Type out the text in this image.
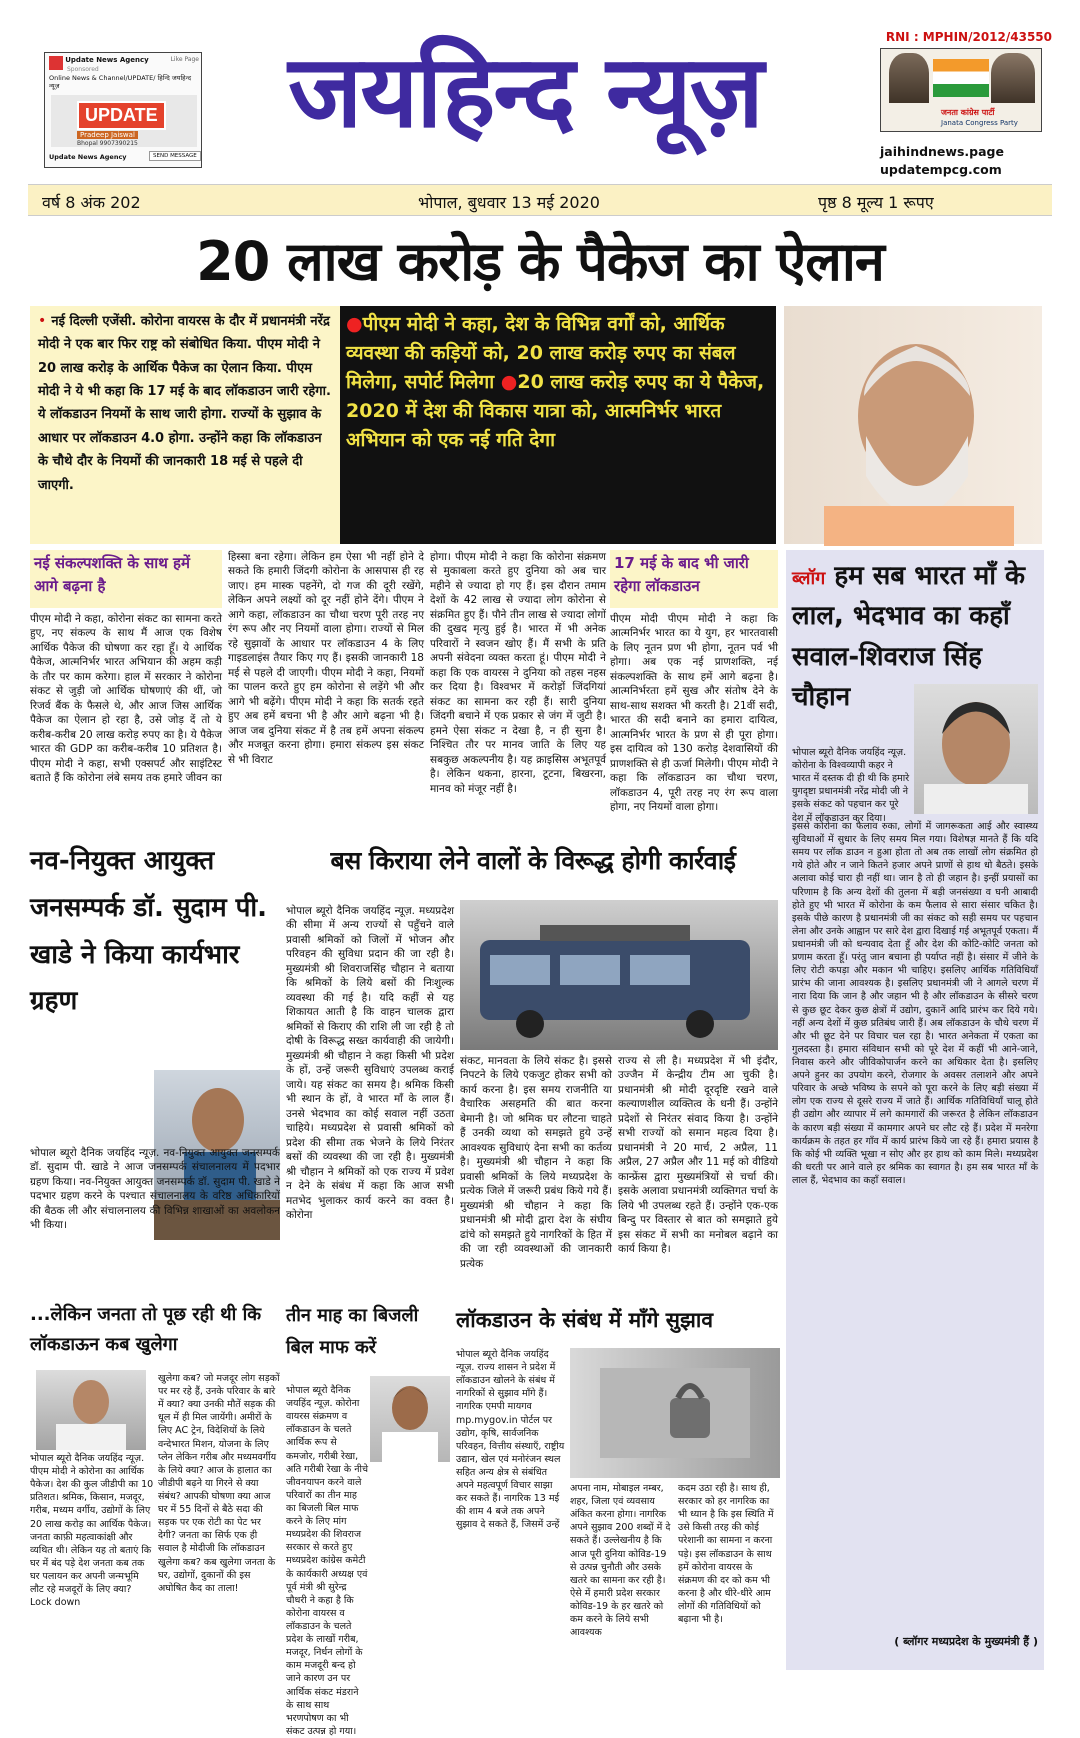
Update News Agency	Like Page
Sponsored
Online News & Channel/UPDATE/ हिन्दि जयहिन्द न्यूज़
UPDATE
Pradeep Jaiswal
Bhopal 9907390215
Update News Agency	SEND MESSAGE
जयहिन्द न्यूज़	RNI : MPHIN/2012/43550
जनता कांग्रेस पार्टी
Janata Congress Party
jaihindnews.page
updatempcg.com
वर्ष 8 अंक 202	भोपाल, बुधवार 13 मई 2020	पृष्ठ 8 मूल्य 1 रूपए
20 लाख करोड़ के पैकेज का ऐलान
• नई दिल्ली एजेंसी. कोरोना वायरस के दौर में प्रधानमंत्री नरेंद्र मोदी ने एक बार फिर राष्ट्र को संबोधित किया. पीएम मोदी ने 20 लाख करोड़ के आर्थिक पैकेज का ऐलान किया. पीएम मोदी ने ये भी कहा कि 17 मई के बाद लॉकडाउन जारी रहेगा. ये लॉकडाउन नियमों के साथ जारी होगा. राज्यों के सुझाव के आधार पर लॉकडाउन 4.0 होगा. उन्होंने कहा कि लॉकडाउन के चौथे दौर के नियमों की जानकारी 18 मई से पहले दी जाएगी.
●पीएम मोदी ने कहा, देश के विभिन्न वर्गों को, आर्थिक व्यवस्था की कड़ियों को, 20 लाख करोड़ रुपए का संबल मिलेगा, सपोर्ट मिलेगा ●20 लाख करोड़ रुपए का ये पैकेज, 2020 में देश की विकास यात्रा को, आत्मनिर्भर भारत अभियान को एक नई गति देगा
नई संकल्पशक्ति के साथ हमें आगे बढ़ना है
पीएम मोदी ने कहा, कोरोना संकट का सामना करते हुए, नए संकल्प के साथ मैं आज एक विशेष आर्थिक पैकेज की घोषणा कर रहा हूँ। ये आर्थिक पैकेज, आत्मनिर्भर भारत अभियान की अहम कड़ी के तौर पर काम करेगा। हाल में सरकार ने कोरोना संकट से जुड़ी जो आर्थिक घोषणाएं की थीं, जो रिजर्व बैंक के फैसले थे, और आज जिस आर्थिक पैकेज का ऐलान हो रहा है, उसे जोड़ दें तो ये करीब-करीब 20 लाख करोड़ रुपए का है। ये पैकेज भारत की GDP का करीब-करीब 10 प्रतिशत है। पीएम मोदी ने कहा, सभी एक्सपर्ट और साइंटिस्ट बताते हैं कि कोरोना लंबे समय तक हमारे जीवन का
हिस्सा बना रहेगा। लेकिन हम ऐसा भी नहीं होने दे सकते कि हमारी जिंदगी कोरोना के आसपास ही रह जाए। हम मास्क पहनेंगे, दो गज की दूरी रखेंगे, लेकिन अपने लक्ष्यों को दूर नहीं होने देंगे। पीएम ने आगे कहा, लॉकडाउन का चौथा चरण पूरी तरह नए रंग रूप और नए नियमों वाला होगा। राज्यों से मिल रहे सुझावों के आधार पर लॉकडाउन 4 के लिए गाइडलाइंस तैयार किए गए हैं। इसकी जानकारी 18 मई से पहले दी जाएगी। पीएम मोदी ने कहा, नियमों का पालन करते हुए हम कोरोना से लड़ेंगे भी और आगे भी बढ़ेंगे। पीएम मोदी ने कहा कि सतर्क रहते हुए अब हमें बचना भी है और आगे बढ़ना भी है। आज जब दुनिया संकट में है तब हमें अपना संकल्प और मजबूत करना होगा। हमारा संकल्प इस संकट से भी विराट
होगा। पीएम मोदी ने कहा कि कोरोना संक्रमण से मुकाबला करते हुए दुनिया को अब चार महीने से ज्यादा हो गए हैं। इस दौरान तमाम देशों के 42 लाख से ज्यादा लोग कोरोना से संक्रमित हुए हैं। पौने तीन लाख से ज्यादा लोगों की दुखद मृत्यु हुई है। भारत में भी अनेक परिवारों ने स्वजन खोए हैं। मैं सभी के प्रति अपनी संवेदना व्यक्त करता हूं। पीएम मोदी ने कहा कि एक वायरस ने दुनिया को तहस नहस कर दिया है। विश्वभर में करोड़ों जिंदगियां संकट का सामना कर रही हैं। सारी दुनिया जिंदगी बचाने में एक प्रकार से जंग में जुटी है। हमने ऐसा संकट न देखा है, न ही सुना है। निश्चित तौर पर मानव जाति के लिए यह सबकुछ अकल्पनीय है। यह क्राइसिस अभूतपूर्व है। लेकिन थकना, हारना, टूटना, बिखरना, मानव को मंजूर नहीं है।
17 मई के बाद भी जारी रहेगा लॉकडाउन
पीएम मोदी पीएम मोदी ने कहा कि आत्मनिर्भर भारत का ये युग, हर भारतवासी के लिए नूतन प्रण भी होगा, नूतन पर्व भी होगा। अब एक नई प्राणशक्ति, नई संकल्पशक्ति के साथ हमें आगे बढ़ना है। आत्मनिर्भरता हमें सुख और संतोष देने के साथ-साथ सशक्त भी करती है। 21वीं सदी, भारत की सदी बनाने का हमारा दायित्व, आत्मनिर्भर भारत के प्रण से ही पूरा होगा। इस दायित्व को 130 करोड़ देशवासियों की प्राणशक्ति से ही ऊर्जा मिलेगी। पीएम मोदी ने कहा कि लॉकडाउन का चौथा चरण, लॉकडाउन 4, पूरी तरह नए रंग रूप वाला होगा, नए नियमों वाला होगा।
ब्लॉग हम सब भारत माँ के लाल, भेदभाव का कहाँ सवाल-शिवराज सिंह चौहान
भोपाल ब्यूरो दैनिक जयहिंद न्यूज़. कोरोना के विश्वव्यापी कहर ने भारत में दस्तक दी ही थी कि हमारे युगदृष्टा प्रधानमंत्री नरेंद्र मोदी जी ने इसके संकट को पहचान कर पूरे देश में लॉकडाउन कर दिया।
इससे कोरोना का फैलाव रुका, लोगों में जागरूकता आई और स्वास्थ्य सुविधाओं में सुधार के लिए समय मिल गया। विशेषज्ञ मानते हैं कि यदि समय पर लॉक डाउन न हुआ होता तो अब तक लाखों लोग संक्रमित हो गये होते और न जाने कितने हजार अपने प्राणों से हाथ धो बैठते। इसके अलावा कोई चारा ही नहीं था। जान है तो ही जहान है। इन्हीं प्रयासों का परिणाम है कि अन्य देशों की तुलना में बड़ी जनसंख्या व घनी आबादी होते हुए भी भारत में कोरोना के कम फैलाव से सारा संसार चकित है। इसके पीछे कारण है प्रधानमंत्री जी का संकट को सही समय पर पहचान लेना और उनके आह्वान पर सारे देश द्वारा दिखाई गई अभूतपूर्व एकता। मैं प्रधानमंत्री जी को धन्यवाद देता हूँ और देश की कोटि-कोटि जनता को प्रणाम करता हूँ। परंतु जान बचाना ही पर्याप्त नहीं है। संसार में जीने के लिए रोटी कपड़ा और मकान भी चाहिए। इसलिए आर्थिक गतिविधियाँ प्रारंभ की जाना आवश्यक है। इसलिए प्रधानमंत्री जी ने आगले चरण में नारा दिया कि जान है और जहान भी है और लॉकडाउन के सीसरे चरण से कुछ छूट देकर कुछ क्षेत्रों में उद्योग, दुकानें आदि प्रारंभ कर दिये गये। नहीं अन्य देशों में कुछ प्रतिबंध जारी हैं। अब लॉकडाउन के चौथे चरण में और भी छूट देने पर विचार चल रहा है। भारत अनेकता में एकता का गुलदस्ता है। हमारा संविधान सभी को पूरे देश में कहीं भी आने-जाने, निवास करने और जीविकोपार्जन करने का अधिकार देता है। इसलिए अपने हुनर का उपयोग करने, रोजगार के अवसर तलाशने और अपने परिवार के अच्छे भविष्य के सपने को पूरा करने के लिए बड़ी संख्या में लोग एक राज्य से दूसरे राज्य में जाते हैं। आर्थिक गतिविधियाँ चालू होते ही उद्योग और व्यापार में लगे कामगारों की जरूरत है लेकिन लॉकडाउन के कारण बड़ी संख्या में कामगार अपने घर लौट रहे हैं। प्रदेश में मनरेगा कार्यक्रम के तहत हर गाँव में कार्य प्रारंभ किये जा रहे हैं। हमारा प्रयास है कि कोई भी व्यक्ति भूखा न सोए और हर हाथ को काम मिले। मध्यप्रदेश की धरती पर आने वाले हर श्रमिक का स्वागत है। हम सब भारत माँ के लाल हैं, भेदभाव का कहाँ सवाल।
( ब्लॉगर मध्यप्रदेश के मुख्यमंत्री हैं )
नव-नियुक्त आयुक्त जनसम्पर्क डॉ. सुदाम पी. खाडे ने किया कार्यभार ग्रहण
भोपाल ब्यूरो दैनिक जयहिंद न्यूज़. नव-नियुक्त आयुक्त जनसम्पर्क डॉ. सुदाम पी. खाडे ने आज जनसम्पर्क संचालनालय में पदभार ग्रहण किया। नव-नियुक्त आयुक्त जनसम्पर्क डॉ. सुदाम पी. खाडे ने पदभार ग्रहण करने के पश्चात संचालनालय के वरिष्ठ अधिकारियों की बैठक ली और संचालनालय की विभिन्न शाखाओं का अवलोकन भी किया।
बस किराया लेने वालों के विरूद्ध होगी कार्रवाई
भोपाल ब्यूरो दैनिक जयहिंद न्यूज़. मध्यप्रदेश की सीमा में अन्य राज्यों से पहुँचने वाले प्रवासी श्रमिकों को जिलों में भोजन और परिवहन की सुविधा प्रदान की जा रही है। मुख्यमंत्री श्री शिवराजसिंह चौहान ने बताया कि श्रमिकों के लिये बसों की निःशुल्क व्यवस्था की गई है। यदि कहीं से यह शिकायत आती है कि वाहन चालक द्वारा श्रमिकों से किराए की राशि ली जा रही है तो दोषी के विरूद्ध सख्त कार्यवाही की जायेगी। मुख्यमंत्री श्री चौहान ने कहा किसी भी प्रदेश के हों, उन्हें जरूरी सुविधाएं उपलब्ध कराई जाये। यह संकट का समय है। श्रमिक किसी भी स्थान के हों, वे भारत माँ के लाल हैं। उनसे भेदभाव का कोई सवाल नहीं उठता चाहिये। मध्यप्रदेश से प्रवासी श्रमिकों को प्रदेश की सीमा तक भेजने के लिये निरंतर बसों की व्यवस्था की जा रही है। मुख्यमंत्री श्री चौहान ने श्रमिकों को एक राज्य में प्रवेश न देने के संबंध में कहा कि आज सभी मतभेद भुलाकर कार्य करने का वक्त है। कोरोना
संकट, मानवता के लिये संकट है। इससे निपटने के लिये एकजुट होकर सभी को कार्य करना है। इस समय राजनीति या वैचारिक असहमति की बात करना बेमानी है। जो श्रमिक घर लौटना चाहते हैं उनकी व्यथा को समझते हुये उन्हें आवश्यक सुविधाएं देना सभी का कर्तव्य है। मुख्यमंत्री श्री चौहान ने कहा कि प्रवासी श्रमिकों के लिये मध्यप्रदेश के प्रत्येक जिले में जरूरी प्रबंध किये गये हैं। मुख्यमंत्री श्री चौहान ने कहा कि प्रधानमंत्री श्री मोदी द्वारा देश के संघीय ढांचे को समझते हुये नागरिकों के हित में की जा रही व्यवस्थाओं की जानकारी प्रत्येक
राज्य से ली है। मध्यप्रदेश में भी इंदौर, उज्जैन में केन्द्रीय टीम आ चुकी है। प्रधानमंत्री श्री मोदी दूरदृष्टि रखने वाले कल्याणशील व्यक्तित्व के धनी हैं। उन्होंने प्रदेशों से निरंतर संवाद किया है। उन्होंने सभी राज्यों को समान महत्व दिया है। प्रधानमंत्री ने 20 मार्च, 2 अप्रैल, 11 अप्रैल, 27 अप्रैल और 11 मई को वीडियो कान्फ्रेंस द्वारा मुख्यमंत्रियों से चर्चा की। इसके अलावा प्रधानमंत्री व्यक्तिगत चर्चा के लिये भी उपलब्ध रहते हैं। उन्होंने एक-एक बिन्दु पर विस्तार से बात को समझाते हुये इस संकट में सभी का मनोबल बढ़ाने का कार्य किया है।
...लेकिन जनता तो पूछ रही थी कि लॉकडाऊन कब खुलेगा
भोपाल ब्यूरो दैनिक जयहिंद न्यूज़. पीएम मोदी ने कोरोना का आर्थिक पैकेज। देश की कुल जीडीपी का 10 प्रतिशत। श्रमिक, किसान, मजदूर, गरीब, मध्यम वर्गीय, उद्योगों के लिए 20 लाख करोड़ का आर्थिक पैकेज। जनता काफ़ी महत्वाकांक्षी और व्यथित थी। लेकिन यह तो बताएं कि घर में बंद पड़े देश जनता कब तक घर पलायन कर अपनी जन्मभूमि लौट रहे मजदूरों के लिए क्या? Lock down
खुलेगा कब? जो मजदूर लोग सड़कों पर मर रहे हैं, उनके परिवार के बारे में क्या? क्या उनकी मौतें सड़क की धूल में ही मिल जायेंगी। अमीरों के लिए AC ट्रेन, विदेशियों के लिये वन्देभारत मिशन, योजना के लिए प्लेन लेकिन गरीब और मध्यमवर्गीय के लिये क्या? आज के हालात का जीडीपी बढ़ने या गिरने से क्या संबंध? आपकी घोषणा क्या आज घर में 55 दिनों से बैठे सदा की सड़क पर एक रोटी का पेट भर देगी? जनता का सिर्फ एक ही सवाल है मोदीजी कि लॉकडाउन खुलेगा कब? कब खुलेगा जनता के घर, उद्योगों, दुकानों की इस अघोषित कैद का ताला!
तीन माह का बिजली बिल माफ करें
भोपाल ब्यूरो दैनिक जयहिंद न्यूज़. कोरोना वायरस संक्रमण व लॉकडाउन के चलते आर्थिक रूप से कमजोर, गरीबी रेखा, अति गरीबी रेखा के नीचे जीवनयापन करने वाले परिवारों का तीन माह का बिजली बिल माफ करने के लिए मांग मध्यप्रदेश की शिवराज सरकार से करते हुए मध्यप्रदेश कांग्रेस कमेटी के कार्यकारी अध्यक्ष एवं पूर्व मंत्री श्री सुरेन्द्र चौधरी ने कहा है कि कोरोना वायरस व लॉकडाउन के चलते प्रदेश के लाखों गरीब, मजदूर, निर्धन लोगों के काम मजदूरी बन्द हो जाने कारण उन पर आर्थिक संकट मंडराने के साथ साथ भरणपोषण का भी संकट उत्पन्न हो गया।
लॉकडाउन के संबंध में माँगे सुझाव
भोपाल ब्यूरो दैनिक जयहिंद न्यूज़. राज्य शासन ने प्रदेश में लॉकडाउन खोलने के संबंध में नागरिकों से सुझाव माँगे हैं। नागरिक एमपी मायगव mp.mygov.in पोर्टल पर उद्योग, कृषि, सार्वजनिक परिवहन, वित्तीय संस्थाएँ, राष्ट्रीय उद्यान, खेल एवं मनोरंजन स्थल सहित अन्य क्षेत्र से संबंधित अपने महत्वपूर्ण विचार साझा कर सकते हैं। नागरिक 13 मई की शाम 4 बजे तक अपने सुझाव दे सकते हैं, जिसमें उन्हें
अपना नाम, मोबाइल नम्बर, शहर, जिला एवं व्यवसाय अंकित करना होगा। नागरिक अपने सुझाव 200 शब्दों में दे सकते हैं। उल्लेखनीय है कि आज पूरी दुनिया कोविड-19 से उत्पन्न चुनौती और उसके खतरे का सामना कर रही है। ऐसे में हमारी प्रदेश सरकार कोविड-19 के हर खतरे को कम करने के लिये सभी आवश्यक
कदम उठा रही है। साथ ही, सरकार को हर नागरिक का भी ध्यान है कि इस स्थिति में उसे किसी तरह की कोई परेशानी का सामना न करना पड़े। इस लॉकडाउन के साथ हमें कोरोना वायरस के संक्रमण की दर को कम भी करना है और धीरे-धीरे आम लोगों की गतिविधियों को बढ़ाना भी है।
